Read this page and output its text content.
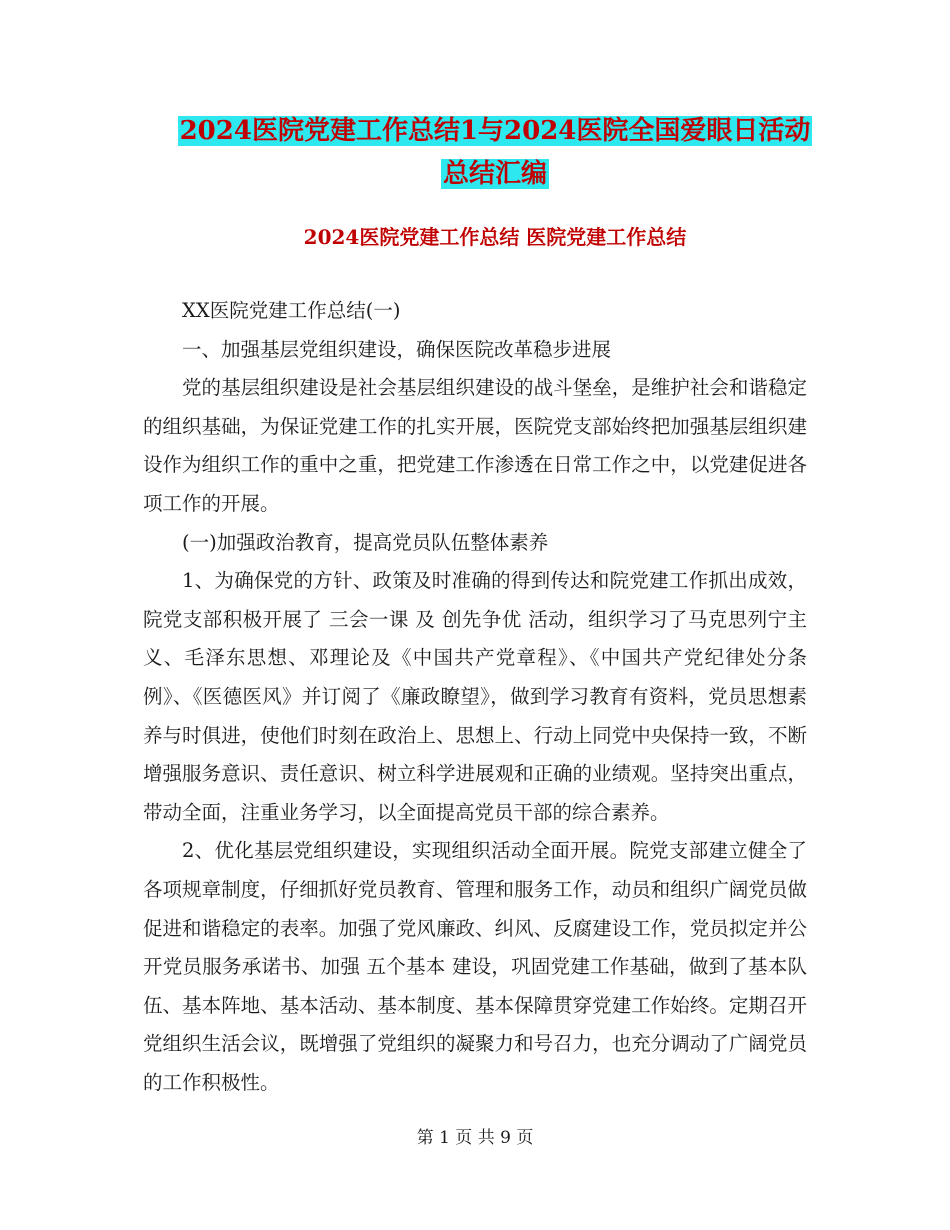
2024医院党建工作总结1与2024医院全国爱眼日活动
总结汇编
2024医院党建工作总结 医院党建工作总结

XX医院党建工作总结(一)

一、加强基层党组织建设，确保医院改革稳步进展

党的基层组织建设是社会基层组织建设的战斗堡垒，是维护社会和谐稳定的组织基础，为保证党建工作的扎实开展，医院党支部始终把加强基层组织建设作为组织工作的重中之重，把党建工作渗透在日常工作之中，以党建促进各项工作的开展。

(一)加强政治教育，提高党员队伍整体素养

1、为确保党的方针、政策及时准确的得到传达和院党建工作抓出成效，院党支部积极开展了 三会一课 及 创先争优 活动，组织学习了马克思列宁主义、毛泽东思想、邓理论及《中国共产党章程》、《中国共产党纪律处分条例》、《医德医风》并订阅了《廉政瞭望》，做到学习教育有资料，党员思想素养与时俱进，使他们时刻在政治上、思想上、行动上同党中央保持一致，不断增强服务意识、责任意识、树立科学进展观和正确的业绩观。坚持突出重点，带动全面，注重业务学习，以全面提高党员干部的综合素养。

2、优化基层党组织建设，实现组织活动全面开展。院党支部建立健全了各项规章制度，仔细抓好党员教育、管理和服务工作，动员和组织广阔党员做促进和谐稳定的表率。加强了党风廉政、纠风、反腐建设工作，党员拟定并公开党员服务承诺书、加强 五个基本 建设，巩固党建工作基础，做到了基本队伍、基本阵地、基本活动、基本制度、基本保障贯穿党建工作始终。定期召开党组织生活会议，既增强了党组织的凝聚力和号召力，也充分调动了广阔党员的工作积极性。

第 1 页 共 9 页
